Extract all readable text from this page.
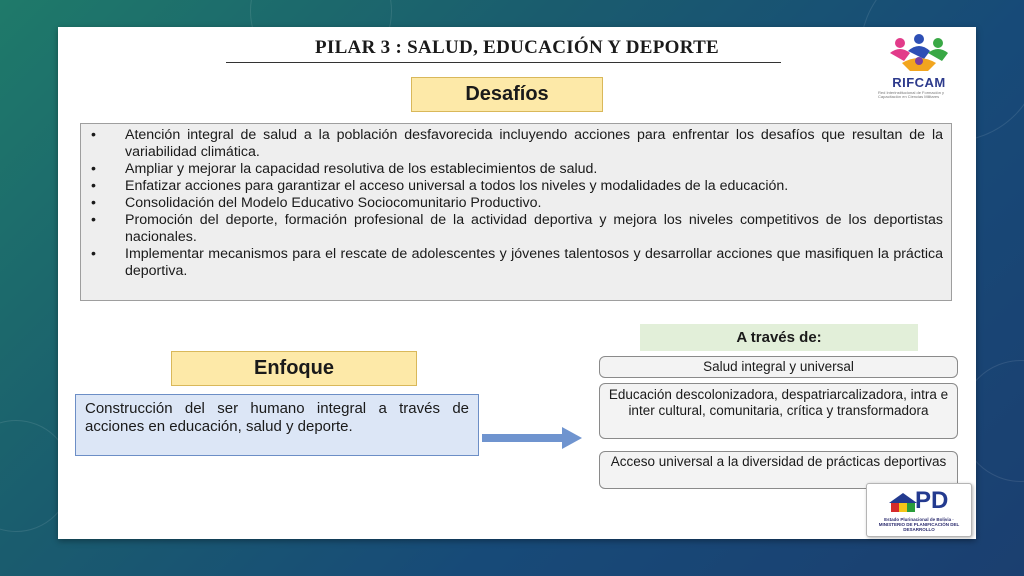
PILAR 3 : SALUD, EDUCACIÓN Y DEPORTE
RIFCAM
Red Interinstitucional de Formación y Capacitación en Ciencias Militares
Desafíos
• Atención integral de salud a la población desfavorecida incluyendo acciones para enfrentar los desafíos que resultan de la variabilidad climática.
• Ampliar y mejorar la capacidad resolutiva de los establecimientos de salud.
• Enfatizar acciones para garantizar el acceso universal a todos los niveles y modalidades de la educación.
• Consolidación del Modelo Educativo Sociocomunitario Productivo.
• Promoción del deporte, formación profesional de la actividad deportiva y mejora los niveles competitivos de los deportistas nacionales.
• Implementar mecanismos para el rescate de adolescentes y jóvenes talentosos y desarrollar acciones que masifiquen la práctica deportiva.
Enfoque
Construcción del ser humano integral a través de acciones en educación, salud y deporte.
A través de:
Salud integral y universal
Educación descolonizadora, despatriarcalizadora, intra e inter cultural, comunitaria, crítica y transformadora
Acceso universal a la diversidad de prácticas deportivas
PD
Estado Plurinacional de Bolivia · MINISTERIO DE PLANIFICACIÓN DEL DESARROLLO
